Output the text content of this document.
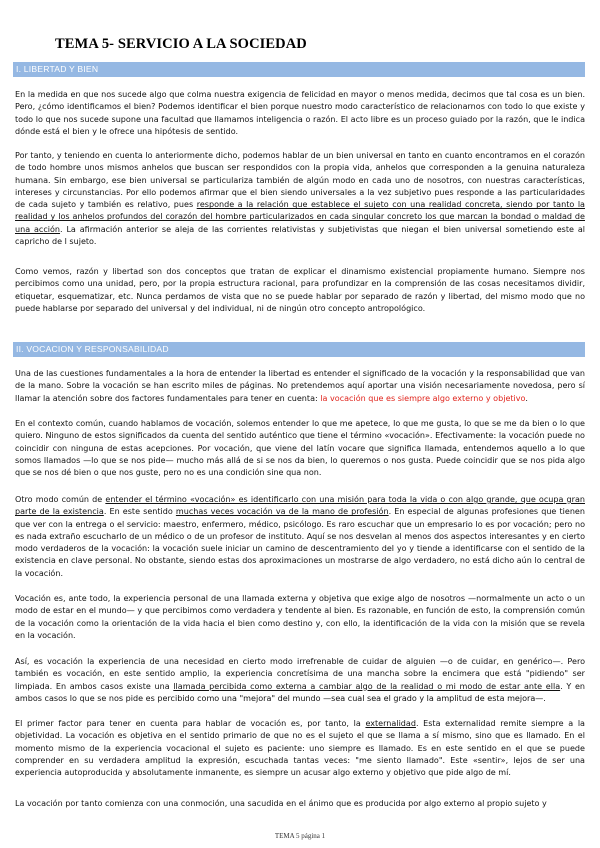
TEMA 5- SERVICIO A LA SOCIEDAD
I. LIBERTAD Y BIEN

En la medida en que nos sucede algo que colma nuestra exigencia de felicidad en mayor o menos medida, decimos que tal cosa es un bien. Pero, ¿cómo identificamos el bien? Podemos identificar el bien porque nuestro modo característico de relacionarnos con todo lo que existe y todo lo que nos sucede supone una facultad que llamamos inteligencia o razón. El acto libre es un proceso guiado por la razón, que le indica dónde está el bien y le ofrece una hipótesis de sentido.

Por tanto, y teniendo en cuenta lo anteriormente dicho, podemos hablar de un bien universal en tanto en cuanto encontramos en el corazón de todo hombre unos mismos anhelos que buscan ser respondidos con la propia vida, anhelos que corresponden a la genuina naturaleza humana. Sin embargo, ese bien universal se particulariza también de algún modo en cada uno de nosotros, con nuestras características, intereses y circunstancias. Por ello podemos afirmar que el bien siendo universales a la vez subjetivo pues responde a las particularidades de cada sujeto y también es relativo, pues responde a la relación que establece el sujeto con una realidad concreta, siendo por tanto la realidad y los anhelos profundos del corazón del hombre particularizados en cada singular concreto los que marcan la bondad o maldad de una acción. La afirmación anterior se aleja de las corrientes relativistas y subjetivistas que niegan el bien universal sometiendo este al capricho de l sujeto.

Como vemos, razón y libertad son dos conceptos que tratan de explicar el dinamismo existencial propiamente humano. Siempre nos percibimos como una unidad, pero, por la propia estructura racional, para profundizar en la comprensión de las cosas necesitamos dividir, etiquetar, esquematizar, etc. Nunca perdamos de vista que no se puede hablar por separado de razón y libertad, del mismo modo que no puede hablarse por separado del universal y del individual, ni de ningún otro concepto antropológico.

II. VOCACION Y RESPONSABILIDAD

Una de las cuestiones fundamentales a la hora de entender la libertad es entender el significado de la vocación y la responsabilidad que van de la mano. Sobre la vocación se han escrito miles de páginas. No pretendemos aquí aportar una visión necesariamente novedosa, pero sí llamar la atención sobre dos factores fundamentales para tener en cuenta: la vocación que es siempre algo externo y objetivo.

En el contexto común, cuando hablamos de vocación, solemos entender lo que me apetece, lo que me gusta, lo que se me da bien o lo que quiero. Ninguno de estos significados da cuenta del sentido auténtico que tiene el término «vocación». Efectivamente: la vocación puede no coincidir con ninguna de estas acepciones. Por vocación, que viene del latín vocare que significa llamada, entendemos aquello a lo que somos llamados —lo que se nos pide— mucho más allá de si se nos da bien, lo queremos o nos gusta. Puede coincidir que se nos pida algo que se nos dé bien o que nos guste, pero no es una condición sine qua non.

Otro modo común de entender el término «vocación» es identificarlo con una misión para toda la vida o con algo grande, que ocupa gran parte de la existencia. En este sentido muchas veces vocación va de la mano de profesión. En especial de algunas profesiones que tienen que ver con la entrega o el servicio: maestro, enfermero, médico, psicólogo. Es raro escuchar que un empresario lo es por vocación; pero no es nada extraño escucharlo de un médico o de un profesor de instituto. Aquí se nos desvelan al menos dos aspectos interesantes y en cierto modo verdaderos de la vocación: la vocación suele iniciar un camino de descentramiento del yo y tiende a identificarse con el sentido de la existencia en clave personal. No obstante, siendo estas dos aproximaciones un mostrarse de algo verdadero, no está dicho aún lo central de la vocación.

Vocación es, ante todo, la experiencia personal de una llamada externa y objetiva que exige algo de nosotros —normalmente un acto o un modo de estar en el mundo— y que percibimos como verdadera y tendente al bien. Es razonable, en función de esto, la comprensión común de la vocación como la orientación de la vida hacia el bien como destino y, con ello, la identificación de la vida con la misión que se revela en la vocación.

Así, es vocación la experiencia de una necesidad en cierto modo irrefrenable de cuidar de alguien —o de cuidar, en genérico—. Pero también es vocación, en este sentido amplio, la experiencia concretísima de una mancha sobre la encimera que está "pidiendo" ser limpiada. En ambos casos existe una llamada percibida como externa a cambiar algo de la realidad o mi modo de estar ante ella. Y en ambos casos lo que se nos pide es percibido como una "mejora" del mundo —sea cual sea el grado y la amplitud de esta mejora—.

El primer factor para tener en cuenta para hablar de vocación es, por tanto, la externalidad. Esta externalidad remite siempre a la objetividad. La vocación es objetiva en el sentido primario de que no es el sujeto el que se llama a sí mismo, sino que es llamado. En el momento mismo de la experiencia vocacional el sujeto es paciente: uno siempre es llamado. Es en este sentido en el que se puede comprender en su verdadera amplitud la expresión, escuchada tantas veces: "me siento llamado". Este «sentir», lejos de ser una experiencia autoproducida y absolutamente inmanente, es siempre un acusar algo externo y objetivo que pide algo de mí.

La vocación por tanto comienza con una conmoción, una sacudida en el ánimo que es producida por algo externo al propio sujeto y

TEMA 5 página 1
